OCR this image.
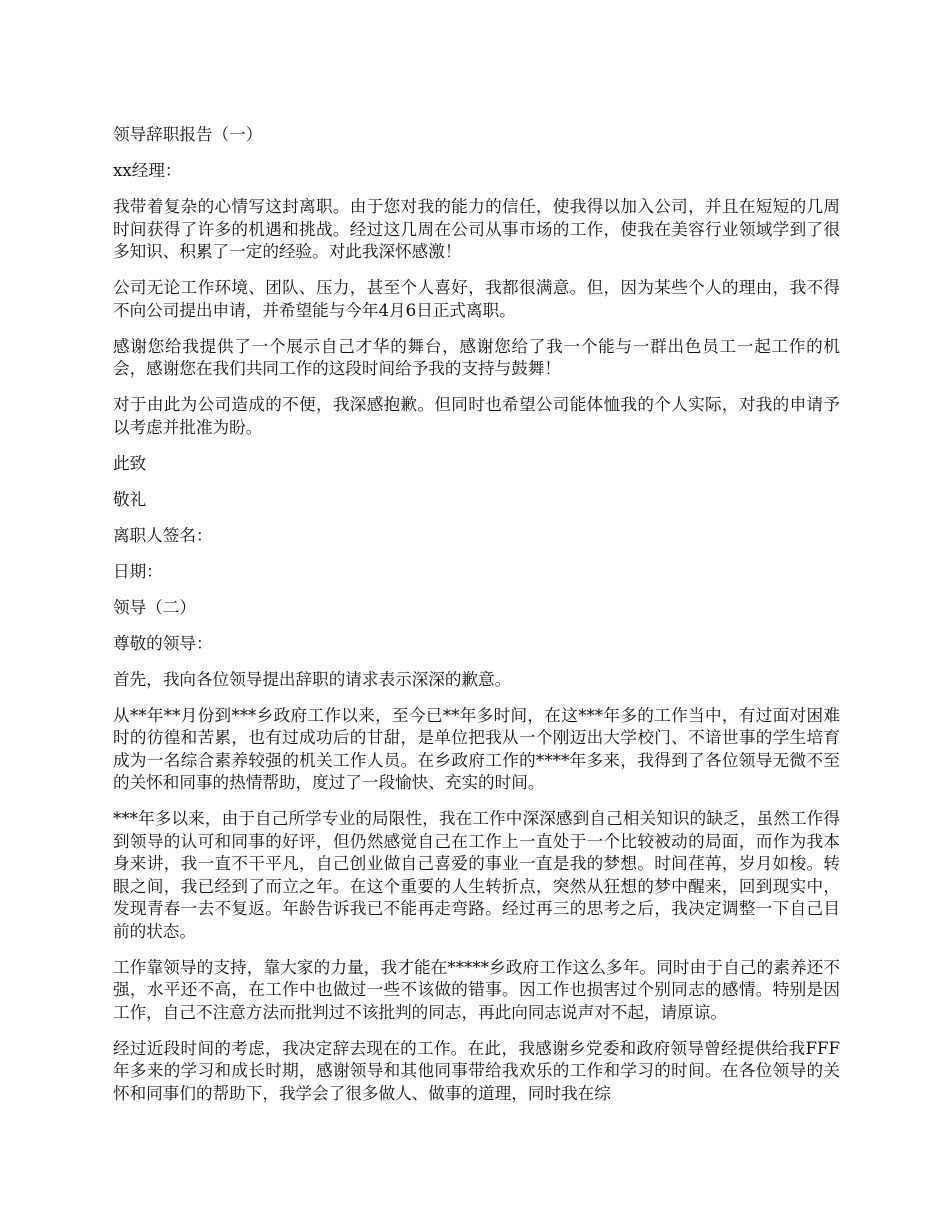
领导辞职报告（一）

xx经理：

我带着复杂的心情写这封离职。由于您对我的能力的信任，使我得以加入公司，并且在短短的几周时间获得了许多的机遇和挑战。经过这几周在公司从事市场的工作，使我在美容行业领域学到了很多知识、积累了一定的经验。对此我深怀感激！

公司无论工作环境、团队、压力，甚至个人喜好，我都很满意。但，因为某些个人的理由，我不得不向公司提出申请，并希望能与今年4月6日正式离职。

感谢您给我提供了一个展示自己才华的舞台，感谢您给了我一个能与一群出色员工一起工作的机会，感谢您在我们共同工作的这段时间给予我的支持与鼓舞！

对于由此为公司造成的不便，我深感抱歉。但同时也希望公司能体恤我的个人实际，对我的申请予以考虑并批准为盼。

此致

敬礼

离职人签名：

日期：

领导（二）

尊敬的领导：

首先，我向各位领导提出辞职的请求表示深深的歉意。

从**年**月份到***乡政府工作以来，至今已**年多时间，在这***年多的工作当中，有过面对困难时的彷徨和苦累，也有过成功后的甘甜，是单位把我从一个刚迈出大学校门、不谙世事的学生培育成为一名综合素养较强的机关工作人员。在乡政府工作的****年多来，我得到了各位领导无微不至的关怀和同事的热情帮助，度过了一段愉快、充实的时间。

***年多以来，由于自己所学专业的局限性，我在工作中深深感到自己相关知识的缺乏，虽然工作得到领导的认可和同事的好评，但仍然感觉自己在工作上一直处于一个比较被动的局面，而作为我本身来讲，我一直不干平凡，自己创业做自己喜爱的事业一直是我的梦想。时间荏苒，岁月如梭。转眼之间，我已经到了而立之年。在这个重要的人生转折点，突然从狂想的梦中醒来，回到现实中，发现青春一去不复返。年龄告诉我已不能再走弯路。经过再三的思考之后，我决定调整一下自己目前的状态。

工作靠领导的支持，靠大家的力量，我才能在*****乡政府工作这么多年。同时由于自己的素养还不强，水平还不高，在工作中也做过一些不该做的错事。因工作也损害过个别同志的感情。特别是因工作，自己不注意方法而批判过不该批判的同志，再此向同志说声对不起，请原谅。

经过近段时间的考虑，我决定辞去现在的工作。在此，我感谢乡党委和政府领导曾经提供给我FFF年多来的学习和成长时期，感谢领导和其他同事带给我欢乐的工作和学习的时间。在各位领导的关怀和同事们的帮助下，我学会了很多做人、做事的道理，同时我在综
